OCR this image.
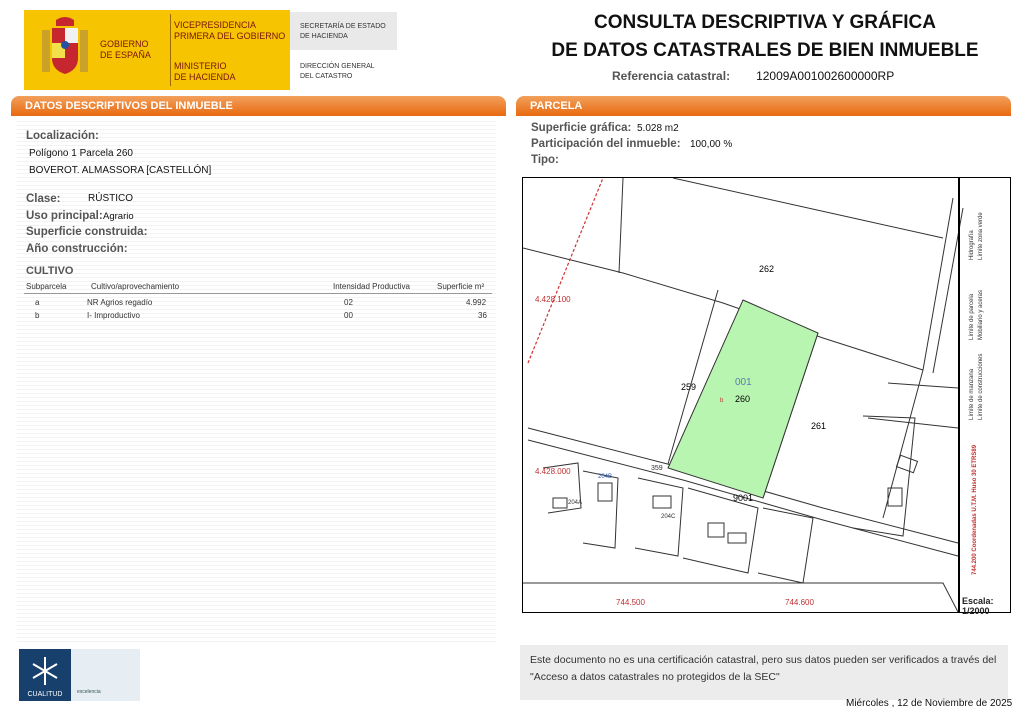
GOBIERNO
DE ESPAÑA
VICEPRESIDENCIA
PRIMERA DEL GOBIERNO
MINISTERIO
DE HACIENDA
SECRETARÍA DE ESTADO
DE HACIENDA
DIRECCIÓN GENERAL
DEL CATASTRO
CONSULTA DESCRIPTIVA Y GRÁFICA
DE DATOS CATASTRALES DE BIEN INMUEBLE
Referencia catastral: 12009A001002600000RP
DATOS DESCRIPTIVOS DEL INMUEBLE
Localización:
Polígono 1 Parcela 260
BOVEROT. ALMASSORA [CASTELLÓN]
Clase:	RÚSTICO
Uso principal: Agrario
Superficie construida:
Año construcción:
CULTIVO
Subparcela	Cultivo/aprovechamiento	Intensidad Productiva	Superficie m²
a	NR Agrios regadío	02	4.992
b	I- Improductivo	00	36
CUALITUD	excelencia
PARCELA
Superficie gráfica: 5.028 m2
Participación del inmueble: 100,00 %
Tipo:
262
259	001
260
b
261
9001
359
204A
204C
204B
4.428.100
4.428.000
744.500	744.600
Hidrografía Límite zona verde
Límite de parcela Mobiliario y aceras
Límite de manzana Límite de construcciones
744.200 Coordenadas U.T.M. Huso 30 ETRS89
Escala:
1/2000
Este documento no es una certificación catastral, pero sus datos pueden ser verificados a través del "Acceso a datos catastrales no protegidos de la SEC"
Miércoles , 12 de Noviembre de 2025
